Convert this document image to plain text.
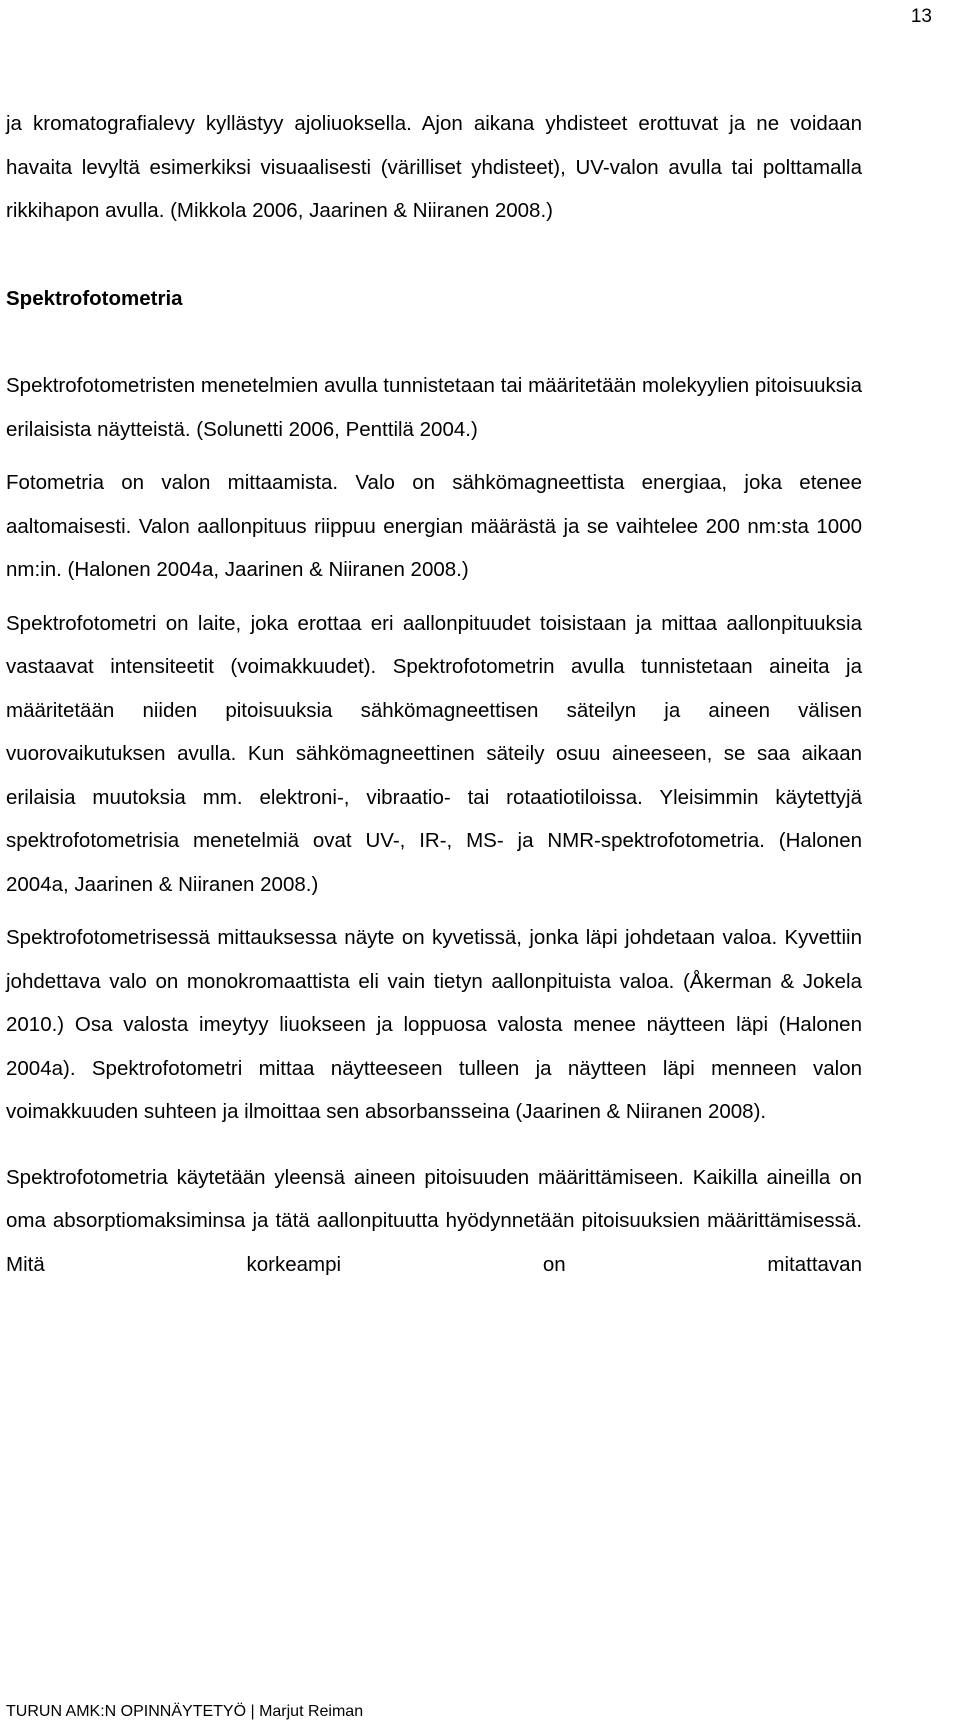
13

ja kromatografialevy kyllästyy ajoliuoksella. Ajon aikana yhdisteet erottuvat ja ne voidaan havaita levyltä esimerkiksi visuaalisesti (värilliset yhdisteet), UV-valon avulla tai polttamalla rikkihapon avulla. (Mikkola 2006, Jaarinen & Niiranen 2008.)

Spektrofotometria

Spektrofotometristen menetelmien avulla tunnistetaan tai määritetään molekyylien pitoisuuksia erilaisista näytteistä. (Solunetti 2006, Penttilä 2004.)

Fotometria on valon mittaamista. Valo on sähkömagneettista energiaa, joka etenee aaltomaisesti. Valon aallonpituus riippuu energian määrästä ja se vaihtelee 200 nm:sta 1000 nm:in. (Halonen 2004a, Jaarinen & Niiranen 2008.)

Spektrofotometri on laite, joka erottaa eri aallonpituudet toisistaan ja mittaa aallonpituuksia vastaavat intensiteetit (voimakkuudet). Spektrofotometrin avulla tunnistetaan aineita ja määritetään niiden pitoisuuksia sähkömagneettisen säteilyn ja aineen välisen vuorovaikutuksen avulla. Kun sähkömagneettinen säteily osuu aineeseen, se saa aikaan erilaisia muutoksia mm. elektroni-, vibraatio- tai rotaatiotiloissa. Yleisimmin käytettyjä spektrofotometrisia menetelmiä ovat UV-, IR-, MS- ja NMR-spektrofotometria. (Halonen 2004a, Jaarinen & Niiranen 2008.)

Spektrofotometrisessä mittauksessa näyte on kyvetissä, jonka läpi johdetaan valoa. Kyvettiin johdettava valo on monokromaattista eli vain tietyn aallonpituista valoa. (Åkerman & Jokela 2010.) Osa valosta imeytyy liuokseen ja loppuosa valosta menee näytteen läpi (Halonen 2004a). Spektrofotometri mittaa näytteeseen tulleen ja näytteen läpi menneen valon voimakkuuden suhteen ja ilmoittaa sen absorbansseina (Jaarinen & Niiranen 2008).

Spektrofotometria käytetään yleensä aineen pitoisuuden määrittämiseen. Kaikilla aineilla on oma absorptiomaksiminsa ja tätä aallonpituutta hyödynnetään pitoisuuksien määrittämisessä. Mitä korkeampi on mitattavan

TURUN AMK:N OPINNÄYTETYÖ | Marjut Reiman
